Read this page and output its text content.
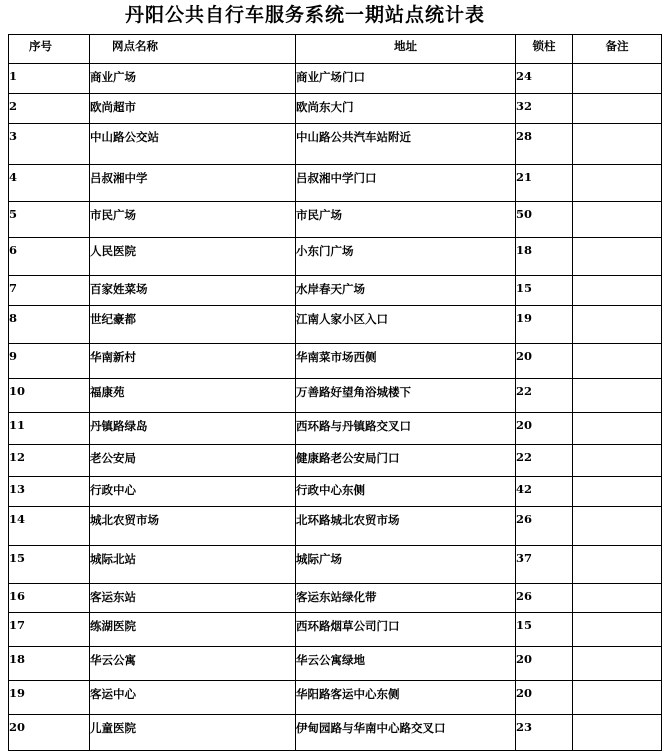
丹阳公共自行车服务系统一期站点统计表
序号	网点名称	地址	锁柱	备注
1	商业广场	商业广场门口	24	
2	欧尚超市	欧尚东大门	32	
3	中山路公交站	中山路公共汽车站附近	28	
4	吕叔湘中学	吕叔湘中学门口	21	
5	市民广场	市民广场	50	
6	人民医院	小东门广场	18	
7	百家姓菜场	水岸春天广场	15	
8	世纪豪都	江南人家小区入口	19	
9	华南新村	华南菜市场西侧	20	
10	福康苑	万善路好望角浴城楼下	22	
11	丹镇路绿岛	西环路与丹镇路交叉口	20	
12	老公安局	健康路老公安局门口	22	
13	行政中心	行政中心东侧	42	
14	城北农贸市场	北环路城北农贸市场	26	
15	城际北站	城际广场	37	
16	客运东站	客运东站绿化带	26	
17	练湖医院	西环路烟草公司门口	15	
18	华云公寓	华云公寓绿地	20	
19	客运中心	华阳路客运中心东侧	20	
20	儿童医院	伊甸园路与华南中心路交叉口	23	
